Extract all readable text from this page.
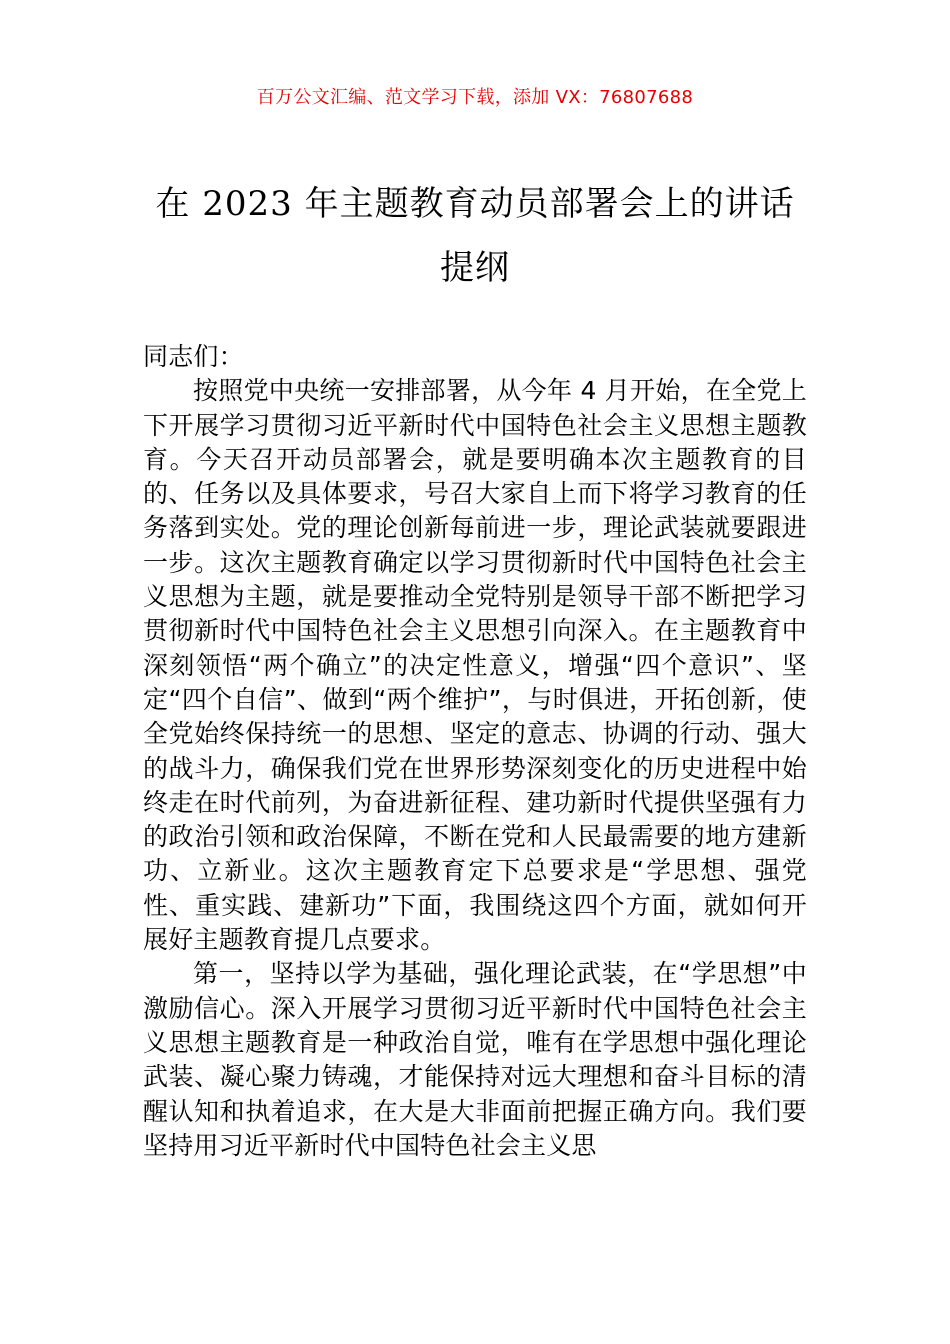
百万公文汇编、范文学习下载，添加 VX：76807688
在 2023 年主题教育动员部署会上的讲话提纲

同志们：

按照党中央统一安排部署，从今年 4 月开始，在全党上下开展学习贯彻习近平新时代中国特色社会主义思想主题教育。今天召开动员部署会，就是要明确本次主题教育的目的、任务以及具体要求，号召大家自上而下将学习教育的任务落到实处。党的理论创新每前进一步，理论武装就要跟进一步。这次主题教育确定以学习贯彻新时代中国特色社会主义思想为主题，就是要推动全党特别是领导干部不断把学习贯彻新时代中国特色社会主义思想引向深入。在主题教育中深刻领悟“两个确立”的决定性意义，增强“四个意识”、坚定“四个自信”、做到“两个维护”，与时俱进，开拓创新，使全党始终保持统一的思想、坚定的意志、协调的行动、强大的战斗力，确保我们党在世界形势深刻变化的历史进程中始终走在时代前列，为奋进新征程、建功新时代提供坚强有力的政治引领和政治保障，不断在党和人民最需要的地方建新功、立新业。这次主题教育定下总要求是“学思想、强党性、重实践、建新功”下面，我围绕这四个方面，就如何开展好主题教育提几点要求。

第一，坚持以学为基础，强化理论武装，在“学思想”中激励信心。深入开展学习贯彻习近平新时代中国特色社会主义思想主题教育是一种政治自觉，唯有在学思想中强化理论武装、凝心聚力铸魂，才能保持对远大理想和奋斗目标的清醒认知和执着追求，在大是大非面前把握正确方向。我们要坚持用习近平新时代中国特色社会主义思
